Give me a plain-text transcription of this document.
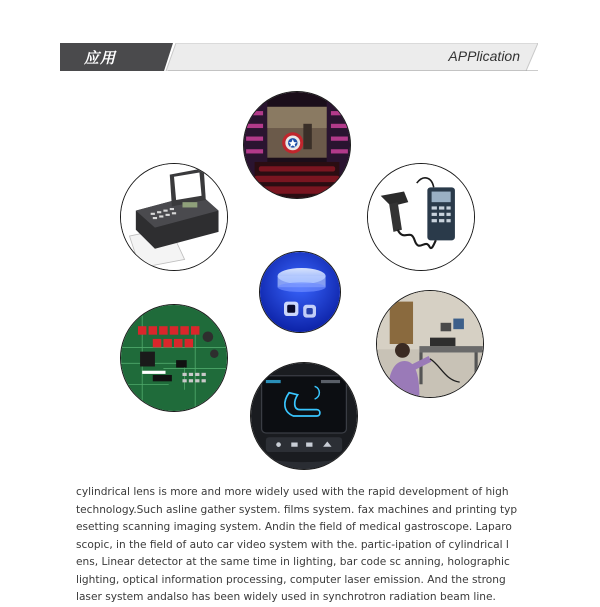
应用	APPlication
cylindrical lens is more and more widely used with the rapid development of high
technology.Such asline gather system. films system. fax machines and printing typ
esetting scanning imaging system. Andin the field of medical gastroscope. Laparo
scopic, in the field of auto car video system with the. partic-ipation of cylindrical l
ens, Linear detector at the same time in lighting, bar code sc anning, holographic
lighting, optical information processing, computer laser emission. And the strong
laser system andalso has been widely used in synchrotron radiation beam line.
